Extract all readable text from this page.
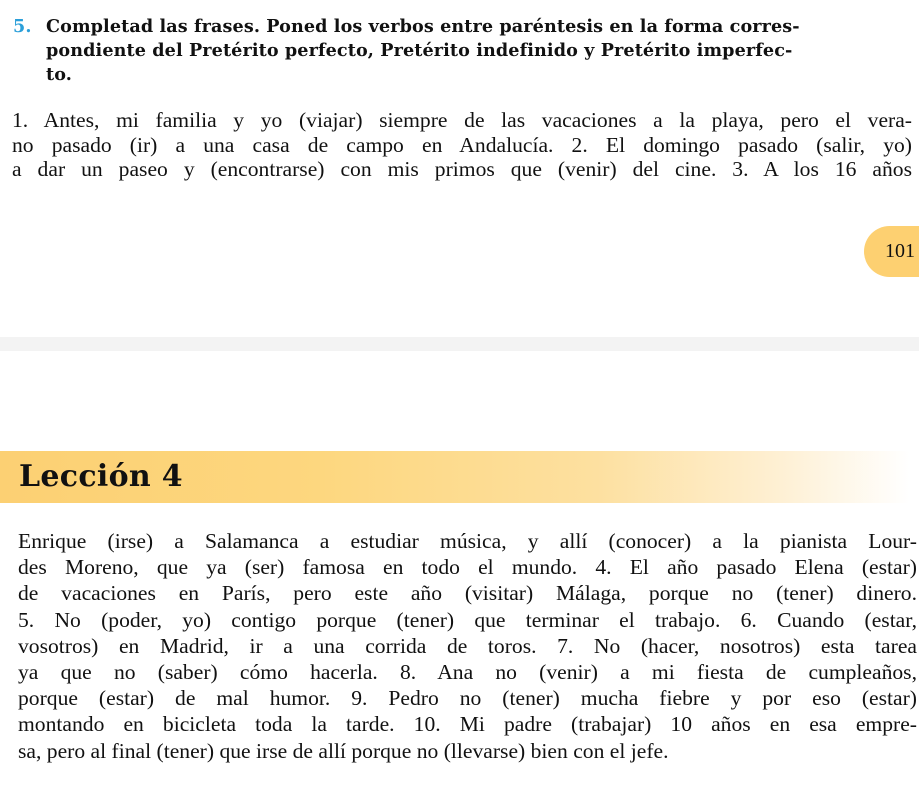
5. Completad las frases. Poned los verbos entre paréntesis en la forma corres-
pondiente del Pretérito perfecto, Pretérito indefinido y Pretérito imperfec-
to.
1. Antes, mi familia y yo (viajar) siempre de las vacaciones a la playa, pero el vera-
no pasado (ir) a una casa de campo en Andalucía. 2. El domingo pasado (salir, yo)
a dar un paseo y (encontrarse) con mis primos que (venir) del cine. 3. A los 16 años
101
Lección 4
Enrique (irse) a Salamanca a estudiar música, y allí (conocer) a la pianista Lour-
des Moreno, que ya (ser) famosa en todo el mundo. 4. El año pasado Elena (estar)
de vacaciones en París, pero este año (visitar) Málaga, porque no (tener) dinero.
5. No (poder, yo) contigo porque (tener) que terminar el trabajo. 6. Cuando (estar,
vosotros) en Madrid, ir a una corrida de toros. 7. No (hacer, nosotros) esta tarea
ya que no (saber) cómo hacerla. 8. Ana no (venir) a mi fiesta de cumpleaños,
porque (estar) de mal humor. 9. Pedro no (tener) mucha fiebre y por eso (estar)
montando en bicicleta toda la tarde. 10. Mi padre (trabajar) 10 años en esa empre-
sa, pero al final (tener) que irse de allí porque no (llevarse) bien con el jefe.
